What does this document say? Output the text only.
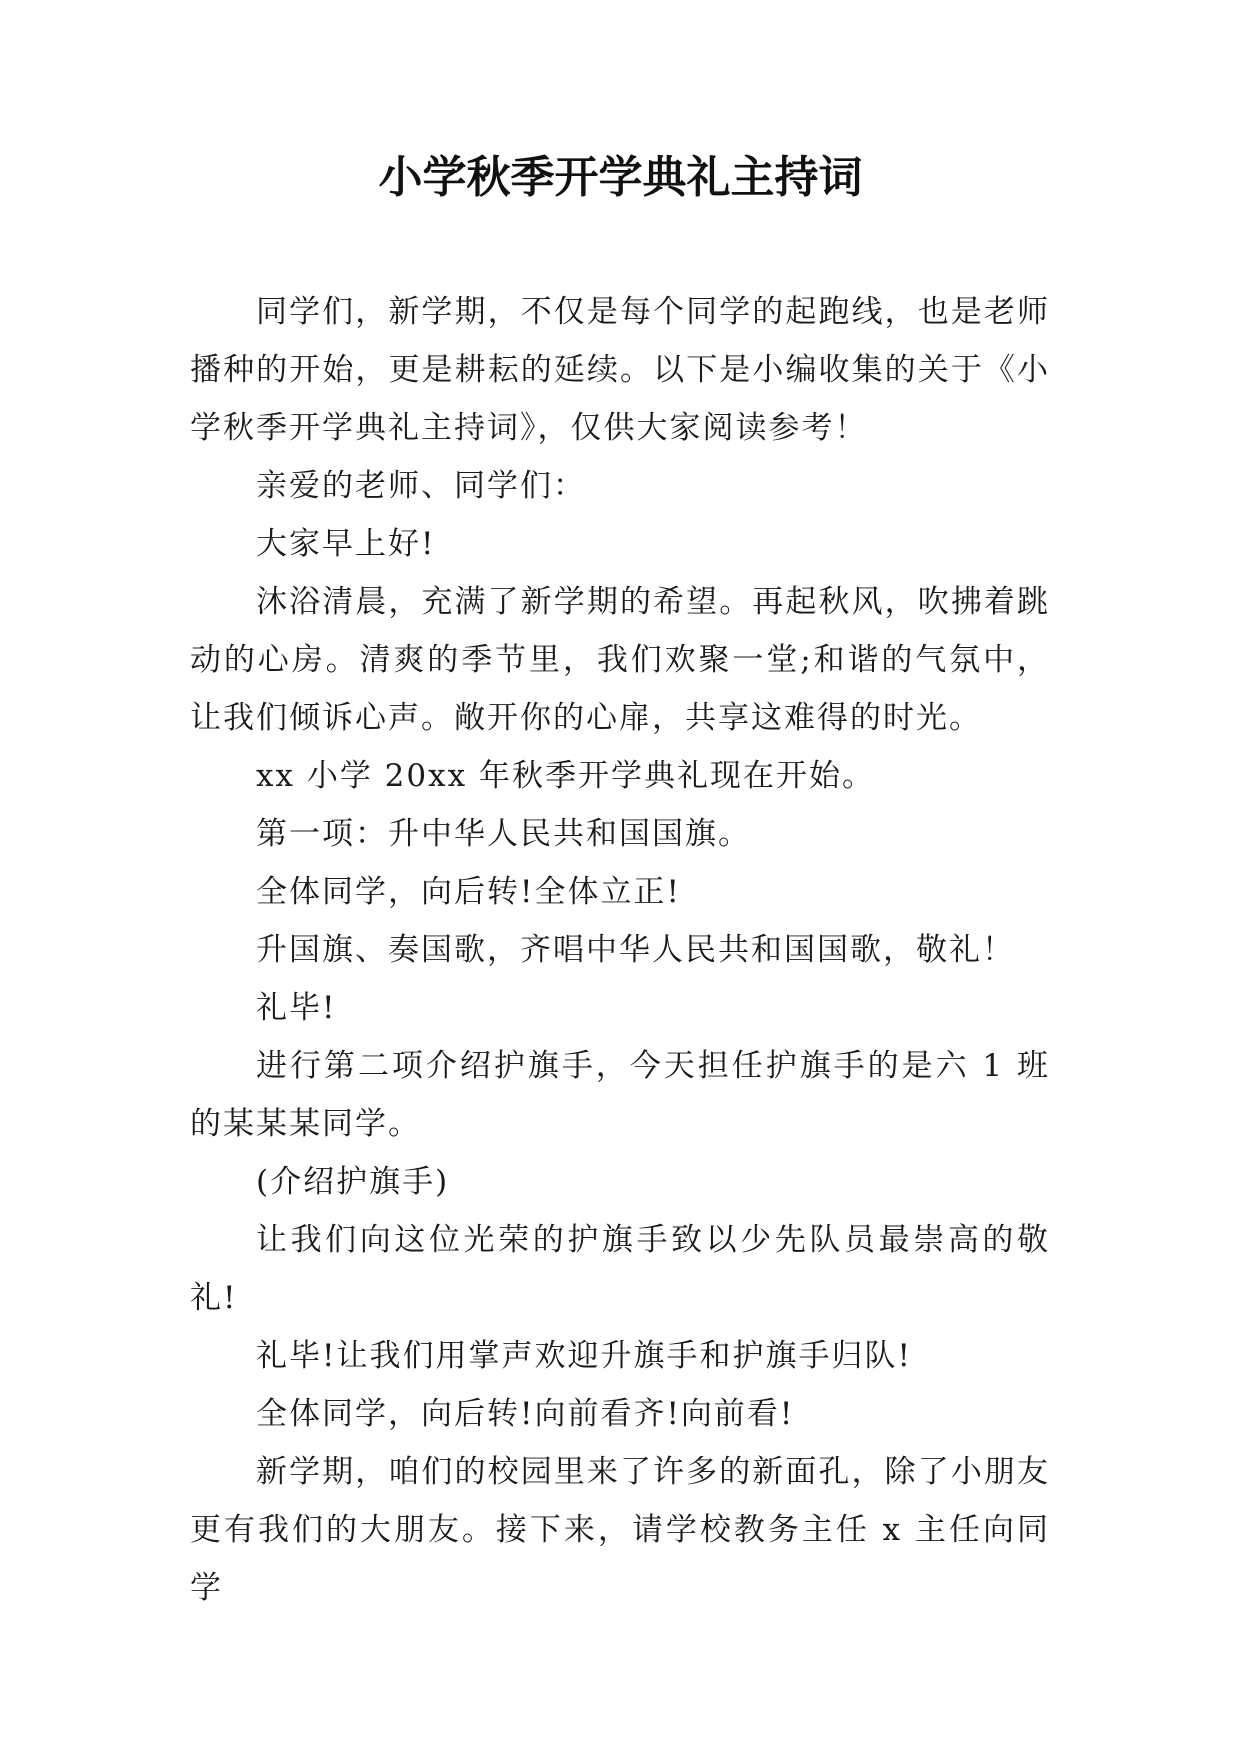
小学秋季开学典礼主持词

同学们，新学期，不仅是每个同学的起跑线，也是老师播种的开始，更是耕耘的延续。以下是小编收集的关于《小学秋季开学典礼主持词》，仅供大家阅读参考！

亲爱的老师、同学们：

大家早上好!

沐浴清晨，充满了新学期的希望。再起秋风，吹拂着跳动的心房。清爽的季节里，我们欢聚一堂;和谐的气氛中，让我们倾诉心声。敞开你的心扉，共享这难得的时光。

xx 小学 20xx 年秋季开学典礼现在开始。

第一项：升中华人民共和国国旗。

全体同学，向后转!全体立正!

升国旗、奏国歌，齐唱中华人民共和国国歌，敬礼！

礼毕!

进行第二项介绍护旗手，今天担任护旗手的是六 1 班的某某某同学。

(介绍护旗手)

让我们向这位光荣的护旗手致以少先队员最崇高的敬礼!

礼毕!让我们用掌声欢迎升旗手和护旗手归队!

全体同学，向后转!向前看齐!向前看!

新学期，咱们的校园里来了许多的新面孔，除了小朋友更有我们的大朋友。接下来，请学校教务主任 x 主任向同学
